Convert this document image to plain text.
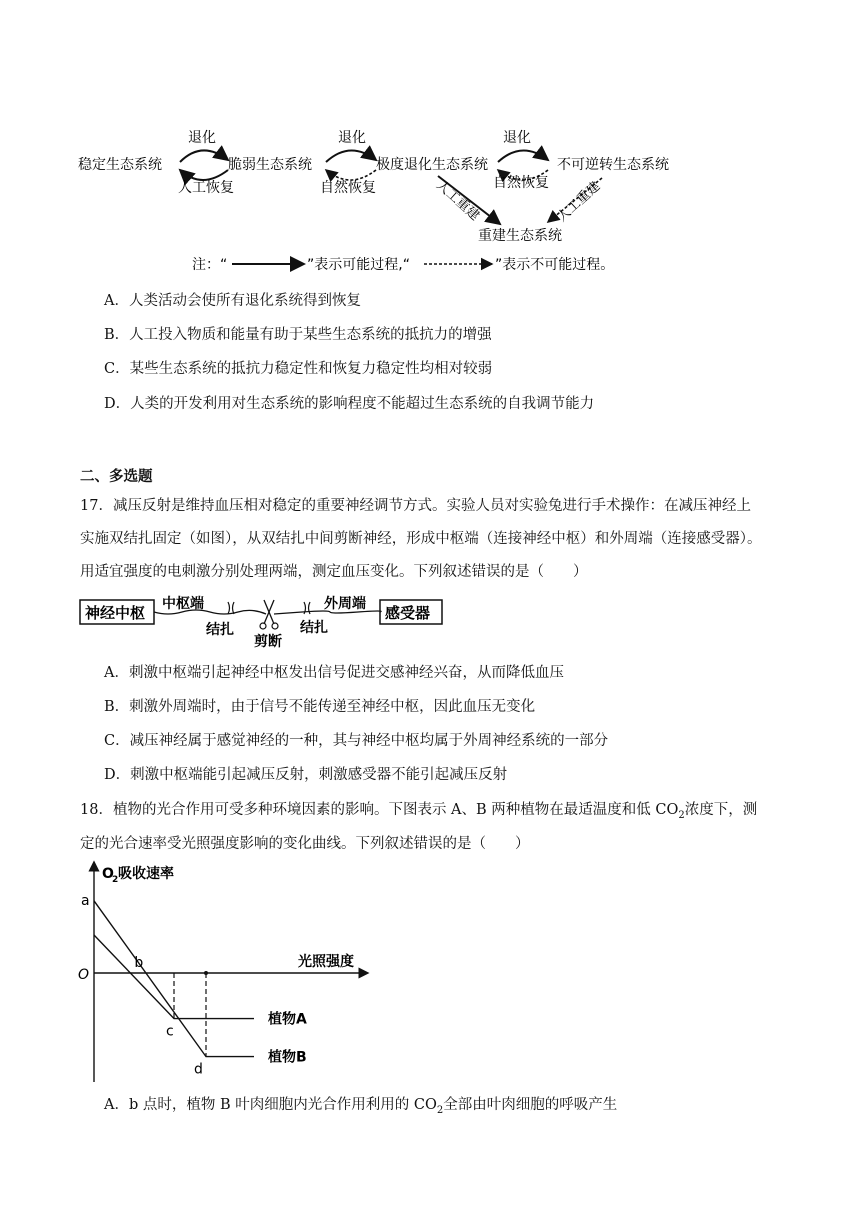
稳定生态系统	脆弱生态系统	极度退化生态系统	不可逆转生态系统
重建生态系统
退化
人工恢复
退化
自然恢复
退化
自然恢复
人工重建	人工重建
注：“	”表示可能过程,“	”表示不可能过程。
A．人类活动会使所有退化系统得到恢复
B．人工投入物质和能量有助于某些生态系统的抵抗力的增强
C．某些生态系统的抵抗力稳定性和恢复力稳定性均相对较弱
D．人类的开发利用对生态系统的影响程度不能超过生态系统的自我调节能力
二、多选题
17．减压反射是维持血压相对稳定的重要神经调节方式。实验人员对实验兔进行手术操作：在减压神经上
实施双结扎固定（如图），从双结扎中间剪断神经，形成中枢端（连接神经中枢）和外周端（连接感受器）。
用适宜强度的电刺激分别处理两端，测定血压变化。下列叙述错误的是（　　）
神经中枢	感受器
中枢端	外周端
结扎	结扎
剪断
A．刺激中枢端引起神经中枢发出信号促进交感神经兴奋，从而降低血压
B．刺激外周端时，由于信号不能传递至神经中枢，因此血压无变化
C．减压神经属于感觉神经的一种，其与神经中枢均属于外周神经系统的一部分
D．刺激中枢端能引起减压反射，刺激感受器不能引起减压反射
18．植物的光合作用可受多种环境因素的影响。下图表示 A、B 两种植物在最适温度和低 $CO_2$浓度下，测
定的光合速率受光照强度影响的变化曲线。下列叙述错误的是（　　）
O
2 吸收速率
光照强度
O
植物A
植物B
a
b
c
d
A．b 点时，植物 B 叶肉细胞内光合作用利用的 $CO_2$全部由叶肉细胞的呼吸产生
